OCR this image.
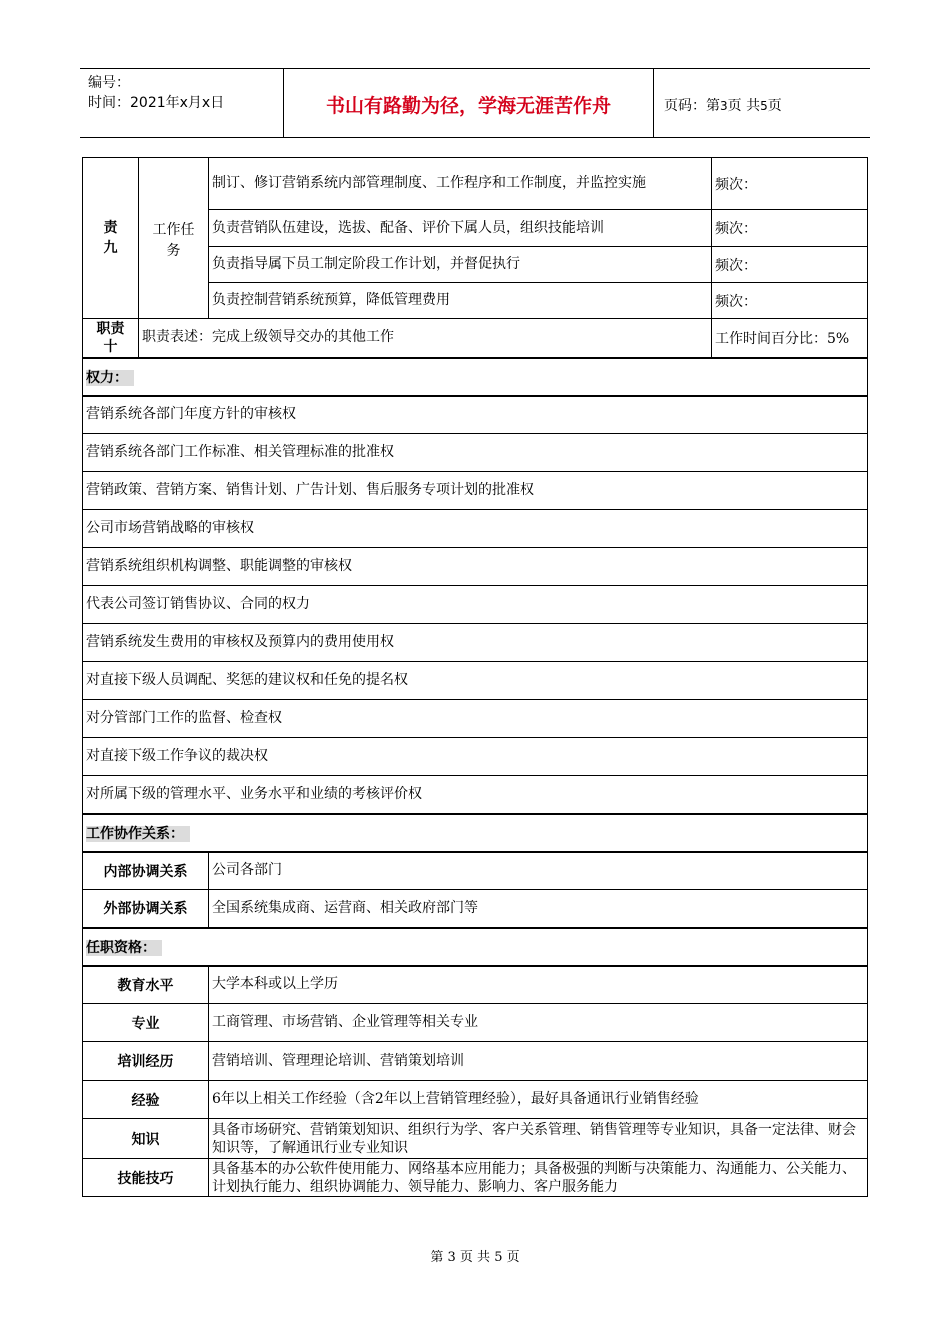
编号：
时间：2021年x月x日	书山有路勤为径，学海无涯苦作舟	页码：第3页 共5页
责九	工作任务	制订、修订营销系统内部管理制度、工作程序和工作制度，并监控实施	频次：
		负责营销队伍建设，选拔、配备、评价下属人员，组织技能培训	频次：
		负责指导属下员工制定阶段工作计划，并督促执行	频次：
		负责控制营销系统预算，降低管理费用	频次：
职责十	职责表述：完成上级领导交办的其他工作		工作时间百分比：5%
权力：			
营销系统各部门年度方针的审核权			
营销系统各部门工作标准、相关管理标准的批准权			
营销政策、营销方案、销售计划、广告计划、售后服务专项计划的批准权			
公司市场营销战略的审核权			
营销系统组织机构调整、职能调整的审核权			
代表公司签订销售协议、合同的权力			
营销系统发生费用的审核权及预算内的费用使用权			
对直接下级人员调配、奖惩的建议权和任免的提名权			
对分管部门工作的监督、检查权			
对直接下级工作争议的裁决权			
对所属下级的管理水平、业务水平和业绩的考核评价权			
工作协作关系：			
内部协调关系		公司各部门	
外部协调关系		全国系统集成商、运营商、相关政府部门等	
任职资格：			
教育水平		大学本科或以上学历	
专业		工商管理、市场营销、企业管理等相关专业	
培训经历		营销培训、管理理论培训、营销策划培训	
经验		6年以上相关工作经验（含2年以上营销管理经验），最好具备通讯行业销售经验	
知识		具备市场研究、营销策划知识、组织行为学、客户关系管理、销售管理等专业知识，具备一定法律、财会知识等，了解通讯行业专业知识	
技能技巧		具备基本的办公软件使用能力、网络基本应用能力；具备极强的判断与决策能力、沟通能力、公关能力、计划执行能力、组织协调能力、领导能力、影响力、客户服务能力	
第 3 页 共 5 页
